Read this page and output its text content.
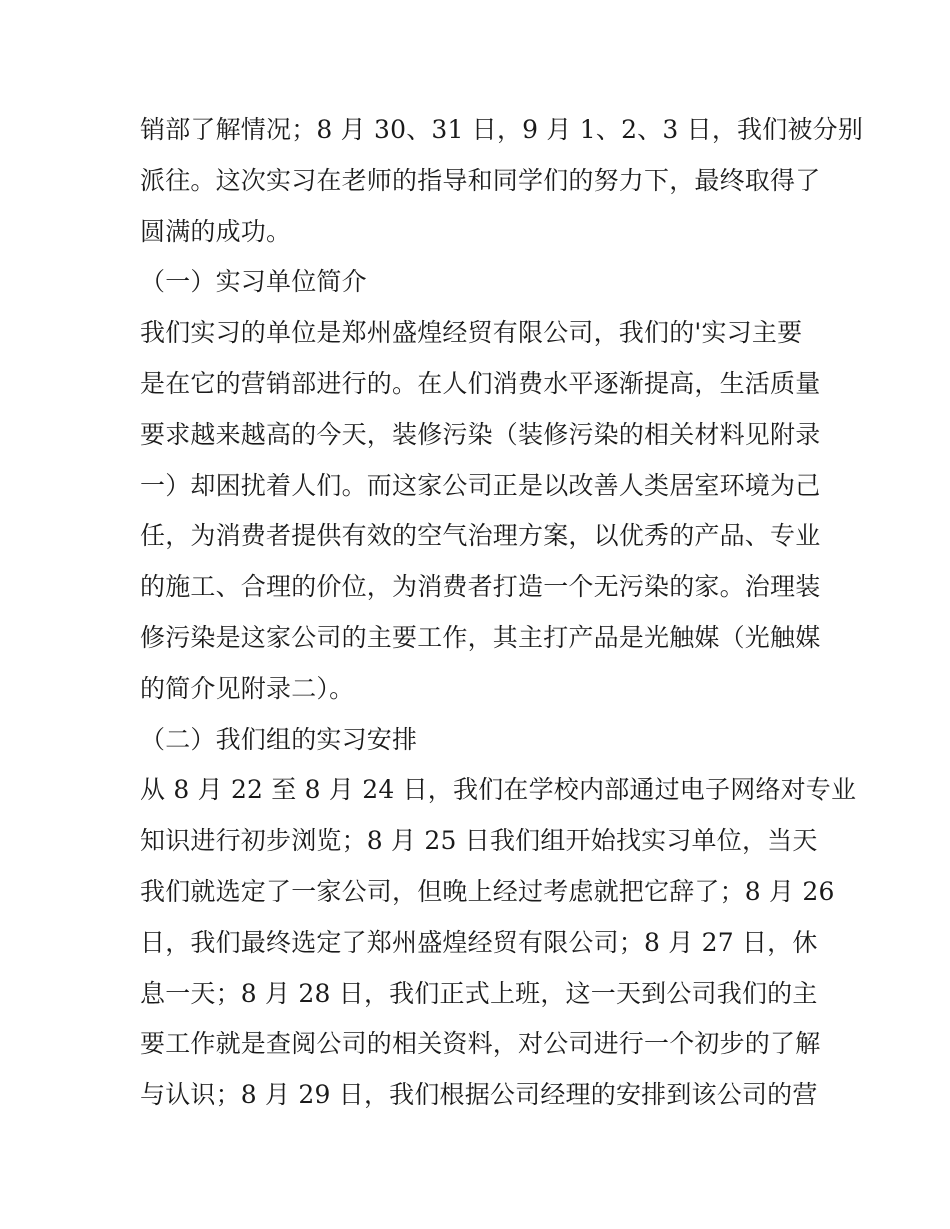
销部了解情况；8 月 30、31 日，9 月 1、2、3 日，我们被分别
派往。这次实习在老师的指导和同学们的努力下，最终取得了
圆满的成功。
（一）实习单位简介
我们实习的单位是郑州盛煌经贸有限公司，我们的'实习主要
是在它的营销部进行的。在人们消费水平逐渐提高，生活质量
要求越来越高的今天，装修污染（装修污染的相关材料见附录
一）却困扰着人们。而这家公司正是以改善人类居室环境为己
任，为消费者提供有效的空气治理方案，以优秀的产品、专业
的施工、合理的价位，为消费者打造一个无污染的家。治理装
修污染是这家公司的主要工作，其主打产品是光触媒（光触媒
的简介见附录二）。
（二）我们组的实习安排
从 8 月 22 至 8 月 24 日，我们在学校内部通过电子网络对专业
知识进行初步浏览；8 月 25 日我们组开始找实习单位，当天
我们就选定了一家公司，但晚上经过考虑就把它辞了；8 月 26
日，我们最终选定了郑州盛煌经贸有限公司；8 月 27 日，休
息一天；8 月 28 日，我们正式上班，这一天到公司我们的主
要工作就是查阅公司的相关资料，对公司进行一个初步的了解
与认识；8 月 29 日，我们根据公司经理的安排到该公司的营
